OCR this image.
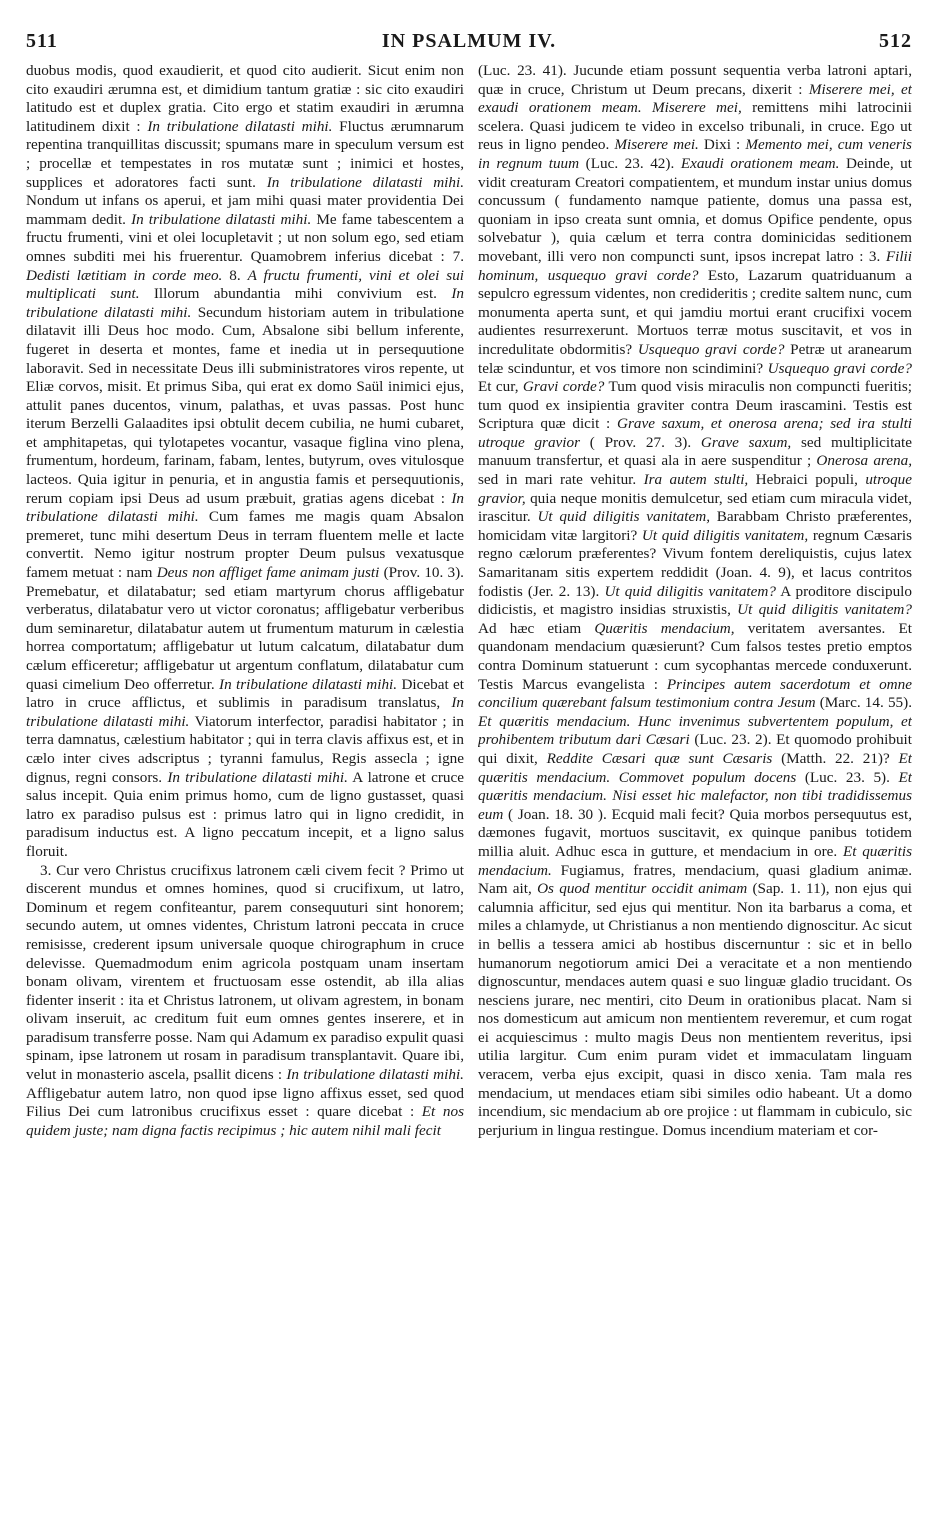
511	IN PSALMUM IV.	512

duobus modis, quod exaudierit, et quod cito audierit. Sicut enim non cito exaudiri ærumna est, et dimidium tantum gratiæ : sic cito exaudiri latitudo est et duplex gratia. Cito ergo et statim exaudiri in ærumna latitudinem dixit : In tribulatione dilatasti mihi. Fluctus ærumnarum repentina tranquillitas discussit; spumans mare in speculum versum est ; procellæ et tempestates in ros mutatæ sunt ; inimici et hostes, supplices et adoratores facti sunt. In tribulatione dilatasti mihi. Nondum ut infans os aperui, et jam mihi quasi mater providentia Dei mammam dedit. In tribulatione dilatasti mihi. Me fame tabescentem a fructu frumenti, vini et olei locupletavit ; ut non solum ego, sed etiam omnes subditi mei his fruerentur. Quamobrem inferius dicebat : 7. Dedisti lætitiam in corde meo. 8. A fructu frumenti, vini et olei sui multiplicati sunt. Illorum abundantia mihi convivium est. In tribulatione dilatasti mihi. Secundum historiam autem in tribulatione dilatavit illi Deus hoc modo. Cum, Absalone sibi bellum inferente, fugeret in deserta et montes, fame et inedia ut in persequutione laboravit. Sed in necessitate Deus illi subministratores viros repente, ut Eliæ corvos, misit. Et primus Siba, qui erat ex domo Saül inimici ejus, attulit panes ducentos, vinum, palathas, et uvas passas. Post hunc iterum Berzelli Galaadites ipsi obtulit decem cubilia, ne humi cubaret, et amphitapetas, qui tylotapetes vocantur, vasaque figlina vino plena, frumentum, hordeum, farinam, fabam, lentes, butyrum, oves vitulosque lacteos. Quia igitur in penuria, et in angustia famis et persequutionis, rerum copiam ipsi Deus ad usum præbuit, gratias agens dicebat : In tribulatione dilatasti mihi. Cum fames me magis quam Absalon premeret, tunc mihi desertum Deus in terram fluentem melle et lacte convertit. Nemo igitur nostrum propter Deum pulsus vexatusque famem metuat : nam Deus non affliget fame animam justi (Prov. 10. 3). Premebatur, et dilatabatur; sed etiam martyrum chorus affligebatur verberatus, dilatabatur vero ut victor coronatus; affligebatur verberibus dum seminaretur, dilatabatur autem ut frumentum maturum in cælestia horrea comportatum; affligebatur ut lutum calcatum, dilatabatur dum cælum efficeretur; affligebatur ut argentum conflatum, dilatabatur cum quasi cimelium Deo offerretur. In tribulatione dilatasti mihi. Dicebat et latro in cruce afflictus, et sublimis in paradisum translatus, In tribulatione dilatasti mihi. Viatorum interfector, paradisi habitator ; in terra damnatus, cælestium habitator ; qui in terra clavis affixus est, et in cælo inter cives adscriptus ; tyranni famulus, Regis assecla ; igne dignus, regni consors. In tribulatione dilatasti mihi. A latrone et cruce salus incepit. Quia enim primus homo, cum de ligno gustasset, quasi latro ex paradiso pulsus est : primus latro qui in ligno credidit, in paradisum inductus est. A ligno peccatum incepit, et a ligno salus floruit.

3. Cur vero Christus crucifixus latronem cæli civem fecit ? Primo ut discerent mundus et omnes homines, quod si crucifixum, ut latro, Dominum et regem confiteantur, parem consequuturi sint honorem; secundo autem, ut omnes videntes, Christum latroni peccata in cruce remisisse, crederent ipsum universale quoque chirographum in cruce delevisse. Quemadmodum enim agricola postquam unam insertam bonam olivam, virentem et fructuosam esse ostendit, ab illa alias fidenter inserit : ita et Christus latronem, ut olivam agrestem, in bonam olivam inseruit, ac creditum fuit eum omnes gentes inserere, et in paradisum transferre posse. Nam qui Adamum ex paradiso expulit quasi spinam, ipse latronem ut rosam in paradisum transplantavit. Quare ibi, velut in monasterio ascela, psallit dicens : In tribulatione dilatasti mihi. Affligebatur autem latro, non quod ipse ligno affixus esset, sed quod Filius Dei cum latronibus crucifixus esset : quare dicebat : Et nos quidem juste; nam digna factis recipimus ; hic autem nihil mali fecit

(Luc. 23. 41). Jucunde etiam possunt sequentia verba latroni aptari, quæ in cruce, Christum ut Deum precans, dixerit : Miserere mei, et exaudi orationem meam. Miserere mei, remittens mihi latrocinii scelera. Quasi judicem te video in excelso tribunali, in cruce. Ego ut reus in ligno pendeo. Miserere mei. Dixi : Memento mei, cum veneris in regnum tuum (Luc. 23. 42). Exaudi orationem meam. Deinde, ut vidit creaturam Creatori compatientem, et mundum instar unius domus concussum ( fundamento namque patiente, domus una passa est, quoniam in ipso creata sunt omnia, et domus Opifice pendente, opus solvebatur ), quia cælum et terra contra dominicidas seditionem movebant, illi vero non compuncti sunt, ipsos increpat latro : 3. Filii hominum, usquequo gravi corde? Esto, Lazarum quatriduanum a sepulcro egressum videntes, non credideritis ; credite saltem nunc, cum monumenta aperta sunt, et qui jamdiu mortui erant crucifixi vocem audientes resurrexerunt. Mortuos terræ motus suscitavit, et vos in incredulitate obdormitis? Usquequo gravi corde? Petræ ut aranearum telæ scinduntur, et vos timore non scindimini? Usquequo gravi corde? Et cur, Gravi corde? Tum quod visis miraculis non compuncti fueritis; tum quod ex insipientia graviter contra Deum irascamini. Testis est Scriptura quæ dicit : Grave saxum, et onerosa arena; sed ira stulti utroque gravior ( Prov. 27. 3). Grave saxum, sed multiplicitate manuum transfertur, et quasi ala in aere suspenditur ; Onerosa arena, sed in mari rate vehitur. Ira autem stulti, Hebraici populi, utroque gravior, quia neque monitis demulcetur, sed etiam cum miracula videt, irascitur. Ut quid diligitis vanitatem, Barabbam Christo præferentes, homicidam vitæ largitori? Ut quid diligitis vanitatem, regnum Cæsaris regno cælorum præferentes? Vivum fontem dereliquistis, cujus latex Samaritanam sitis expertem reddidit (Joan. 4. 9), et lacus contritos fodistis (Jer. 2. 13). Ut quid diligitis vanitatem? A proditore discipulo didicistis, et magistro insidias struxistis, Ut quid diligitis vanitatem? Ad hæc etiam Quæritis mendacium, veritatem aversantes. Et quandonam mendacium quæsierunt? Cum falsos testes pretio emptos contra Dominum statuerunt : cum sycophantas mercede conduxerunt. Testis Marcus evangelista : Principes autem sacerdotum et omne concilium quærebant falsum testimonium contra Jesum (Marc. 14. 55). Et quæritis mendacium. Hunc invenimus subvertentem populum, et prohibentem tributum dari Cæsari (Luc. 23. 2). Et quomodo prohibuit qui dixit, Reddite Cæsari quæ sunt Cæsaris (Matth. 22. 21)? Et quæritis mendacium. Commovet populum docens (Luc. 23. 5). Et quæritis mendacium. Nisi esset hic malefactor, non tibi tradidissemus eum ( Joan. 18. 30 ). Ecquid mali fecit? Quia morbos persequutus est, dæmones fugavit, mortuos suscitavit, ex quinque panibus totidem millia aluit. Adhuc esca in gutture, et mendacium in ore. Et quæritis mendacium. Fugiamus, fratres, mendacium, quasi gladium animæ. Nam ait, Os quod mentitur occidit animam (Sap. 1. 11), non ejus qui calumnia afficitur, sed ejus qui mentitur. Non ita barbarus a coma, et miles a chlamyde, ut Christianus a non mentiendo dignoscitur. Ac sicut in bellis a tessera amici ab hostibus discernuntur : sic et in bello humanorum negotiorum amici Dei a veracitate et a non mentiendo dignoscuntur, mendaces autem quasi e suo linguæ gladio trucidant. Os nesciens jurare, nec mentiri, cito Deum in orationibus placat. Nam si nos domesticum aut amicum non mentientem reveremur, et cum rogat ei acquiescimus : multo magis Deus non mentientem reveritus, ipsi utilia largitur. Cum enim puram videt et immaculatam linguam veracem, verba ejus excipit, quasi in disco xenia. Tam mala res mendacium, ut mendaces etiam sibi similes odio habeant. Ut a domo incendium, sic mendacium ab ore projice : ut flammam in cubiculo, sic perjurium in lingua restingue. Domus incendium materiam et cor-
